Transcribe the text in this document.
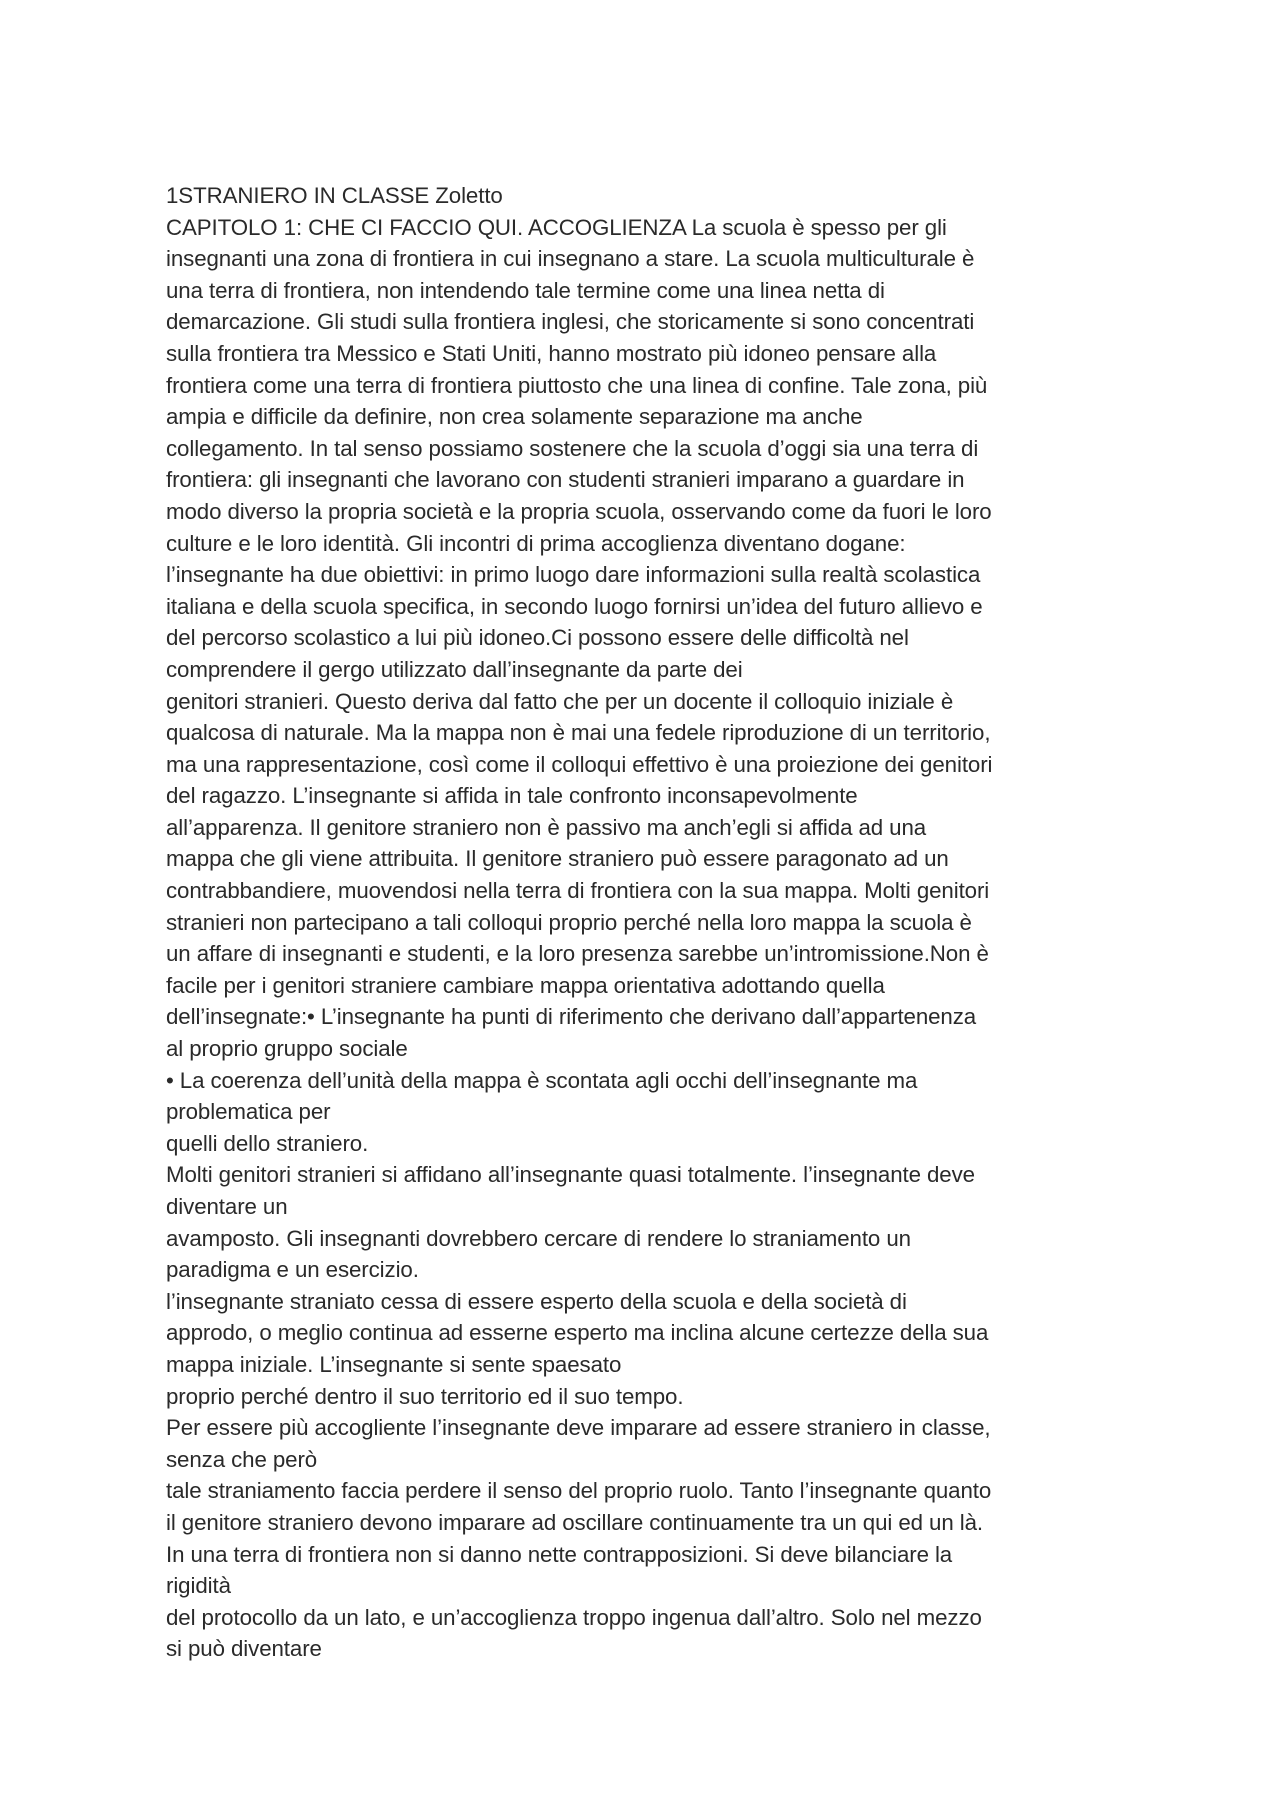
1STRANIERO IN CLASSE Zoletto
CAPITOLO 1: CHE CI FACCIO QUI. ACCOGLIENZA La scuola è spesso per gli
insegnanti una zona di frontiera in cui insegnano a stare. La scuola multiculturale è
una terra di frontiera, non intendendo tale termine come una linea netta di
demarcazione. Gli studi sulla frontiera inglesi, che storicamente si sono concentrati
sulla frontiera tra Messico e Stati Uniti, hanno mostrato più idoneo pensare alla
frontiera come una terra di frontiera piuttosto che una linea di confine. Tale zona, più
ampia e difficile da definire, non crea solamente separazione ma anche
collegamento. In tal senso possiamo sostenere che la scuola d’oggi sia una terra di
frontiera: gli insegnanti che lavorano con studenti stranieri imparano a guardare in
modo diverso la propria società e la propria scuola, osservando come da fuori le loro
culture e le loro identità. Gli incontri di prima accoglienza diventano dogane:
l’insegnante ha due obiettivi: in primo luogo dare informazioni sulla realtà scolastica
italiana e della scuola specifica, in secondo luogo fornirsi un’idea del futuro allievo e
del percorso scolastico a lui più idoneo.Ci possono essere delle difficoltà nel
comprendere il gergo utilizzato dall’insegnante da parte dei
genitori stranieri. Questo deriva dal fatto che per un docente il colloquio iniziale è
qualcosa di naturale. Ma la mappa non è mai una fedele riproduzione di un territorio,
ma una rappresentazione, così come il colloqui effettivo è una proiezione dei genitori
del ragazzo. L’insegnante si affida in tale confronto inconsapevolmente
all’apparenza. Il genitore straniero non è passivo ma anch’egli si affida ad una
mappa che gli viene attribuita. Il genitore straniero può essere paragonato ad un
contrabbandiere, muovendosi nella terra di frontiera con la sua mappa. Molti genitori
stranieri non partecipano a tali colloqui proprio perché nella loro mappa la scuola è
un affare di insegnanti e studenti, e la loro presenza sarebbe un’intromissione.Non è
facile per i genitori straniere cambiare mappa orientativa adottando quella
dell’insegnate:• L’insegnante ha punti di riferimento che derivano dall’appartenenza
al proprio gruppo sociale
• La coerenza dell’unità della mappa è scontata agli occhi dell’insegnante ma
problematica per
quelli dello straniero.
Molti genitori stranieri si affidano all’insegnante quasi totalmente. l’insegnante deve
diventare un
avamposto. Gli insegnanti dovrebbero cercare di rendere lo straniamento un
paradigma e un esercizio.
l’insegnante straniato cessa di essere esperto della scuola e della società di
approdo, o meglio continua ad esserne esperto ma inclina alcune certezze della sua
mappa iniziale. L’insegnante si sente spaesato
proprio perché dentro il suo territorio ed il suo tempo.
Per essere più accogliente l’insegnante deve imparare ad essere straniero in classe,
senza che però
tale straniamento faccia perdere il senso del proprio ruolo. Tanto l’insegnante quanto
il genitore straniero devono imparare ad oscillare continuamente tra un qui ed un là.
In una terra di frontiera non si danno nette contrapposizioni. Si deve bilanciare la
rigidità
del protocollo da un lato, e un’accoglienza troppo ingenua dall’altro. Solo nel mezzo
si può diventare
